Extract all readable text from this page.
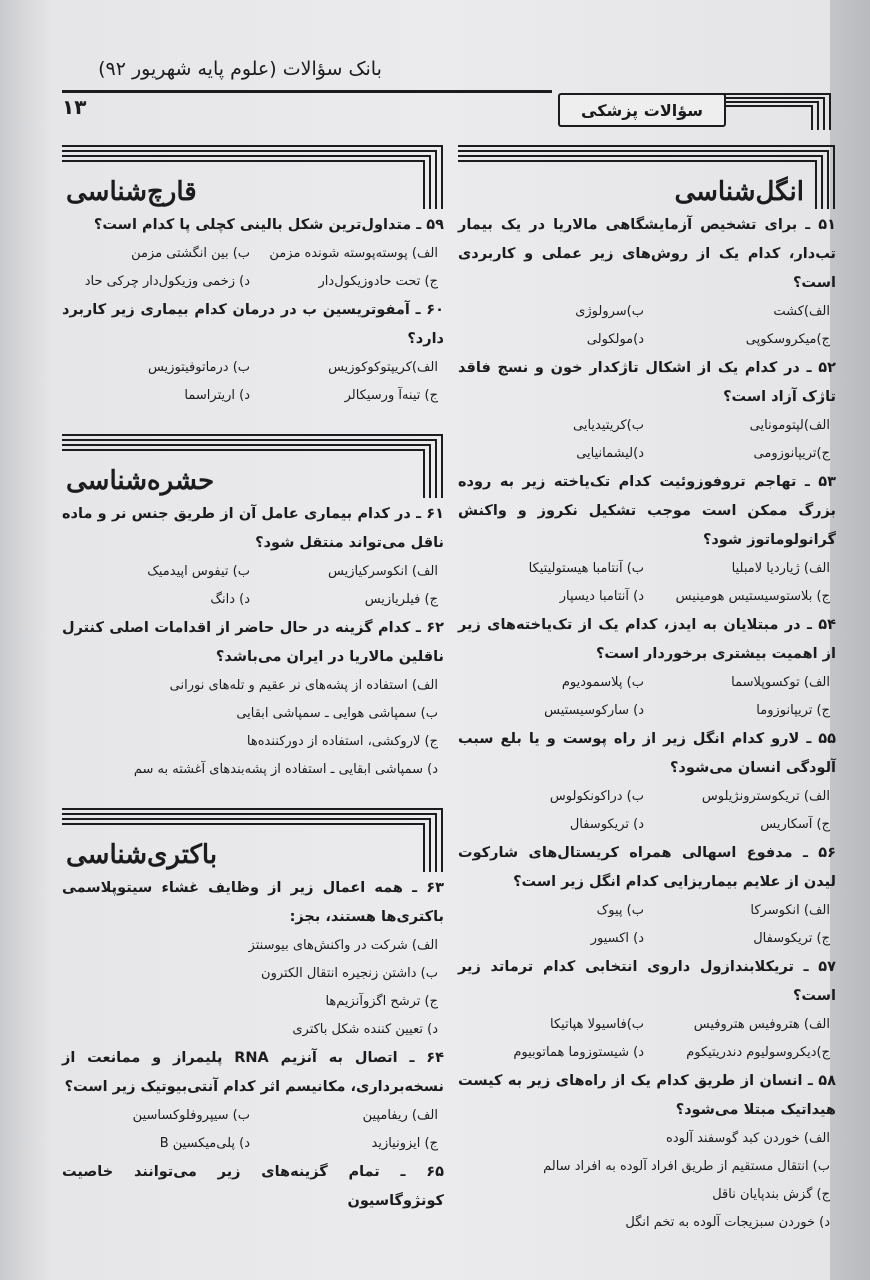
بانک سؤالات (علوم پایه شهریور ۹۲)
۱۳	سؤالات پزشکی
انگل‌شناسی
۵۱ ـ برای تشخیص آزمایشگاهی مالاریا در یک بیمار تب‌دار، کدام یک از روش‌های زیر عملی و کاربردی است؟
الف)کشت
ب)سرولوژی
ج)میکروسکوپی
د)مولکولی
۵۲ ـ در کدام یک از اشکال تاژکدار خون و نسج فاقد تاژک آزاد است؟
الف)لپتومونایی
ب)کریتیدیایی
ج)تریپانوزومی
د)لیشمانیایی
۵۳ ـ تهاجم تروفوزوئیت کدام تک‌یاخته زیر به روده بزرگ ممکن است موجب تشکیل نکروز و واکنش گرانولوماتوز شود؟
الف) ژیاردیا لامبلیا
ب) آنتامبا هیستولیتیکا
ج) بلاستوسیستیس هومینیس
د) آنتامبا دیسپار
۵۴ ـ در مبتلایان به ایدز، کدام یک از تک‌یاخته‌های زیر از اهمیت بیشتری برخوردار است؟
الف) توکسوپلاسما
ب) پلاسمودیوم
ج) تریپانوزوما
د) سارکوسیستیس
۵۵ ـ لارو کدام انگل زیر از راه پوست و یا بلع سبب آلودگی انسان می‌شود؟
الف) تریکوسترونژیلوس
ب) دراکونکولوس
ج) آسکاریس
د) تریکوسفال
۵۶ ـ مدفوع اسهالی همراه کریستال‌های شارکوت لیدن از علایم بیماریزایی کدام انگل زیر است؟
الف) انکوسرکا
ب) پیوک
ج) تریکوسفال
د) اکسیور
۵۷ ـ تریکلابندازول داروی انتخابی کدام ترماتد زیر است؟
الف) هتروفیس هتروفیس
ب)فاسیولا هپاتیکا
ج)دیکروسولیوم دندریتیکوم
د) شیستوزوما هماتوبیوم
۵۸ ـ انسان از طریق کدام یک از راه‌های زیر به کیست هیداتیک مبتلا می‌شود؟
الف) خوردن کبد گوسفند آلوده
ب) انتقال مستقیم از طریق افراد آلوده به افراد سالم
ج) گزش بندپایان ناقل
د) خوردن سبزیجات آلوده به تخم انگل
قارچ‌شناسی
۵۹ ـ متداول‌ترین شکل بالینی کچلی پا کدام است؟
الف) پوسته‌پوسته شونده مزمن
ب) بین انگشتی مزمن
ج) تحت حادوزیکول‌دار
د) زخمی وزیکول‌دار چرکی حاد
۶۰ ـ آمفوتریسین ب در درمان کدام بیماری زیر کاربرد دارد؟
الف)کریپتوکوکوزیس
ب) درماتوفیتوزیس
ج) تینه‌آ ورسیکالر
د) اریتراسما
حشره‌شناسی
۶۱ ـ در کدام بیماری عامل آن از طریق جنس نر و ماده ناقل می‌تواند منتقل شود؟
الف) انکوسرکیازیس
ب) تیفوس اپیدمیک
ج) فیلریازیس
د) دانگ
۶۲ ـ کدام گزینه در حال حاضر از اقدامات اصلی کنترل ناقلین مالاریا در ایران می‌باشد؟
الف) استفاده از پشه‌های نر عقیم و تله‌های نورانی
ب) سمپاشی هوایی ـ سمپاشی ابقایی
ج) لاروکشی، استفاده از دورکننده‌ها
د) سمپاشی ابقایی ـ استفاده از پشه‌بندهای آغشته به سم
باکتری‌شناسی
۶۳ ـ همه اعمال زیر از وظایف غشاء سیتوپلاسمی باکتری‌ها هستند، بجز:
الف) شرکت در واکنش‌های بیوسنتز
ب) داشتن زنجیره انتقال الکترون
ج) ترشح اگزوآنزیم‌ها
د) تعیین کننده شکل باکتری
۶۴ ـ اتصال به آنزیم RNA پلیمراز و ممانعت از نسخه‌برداری، مکانیسم اثر کدام آنتی‌بیوتیک زیر است؟
الف) ریفامپین
ب) سیپروفلوکساسین
ج) ایزونیازید
د) پلی‌میکسین B
۶۵ ـ تمام گزینه‌های زیر می‌توانند خاصیت کونژوگاسیون
